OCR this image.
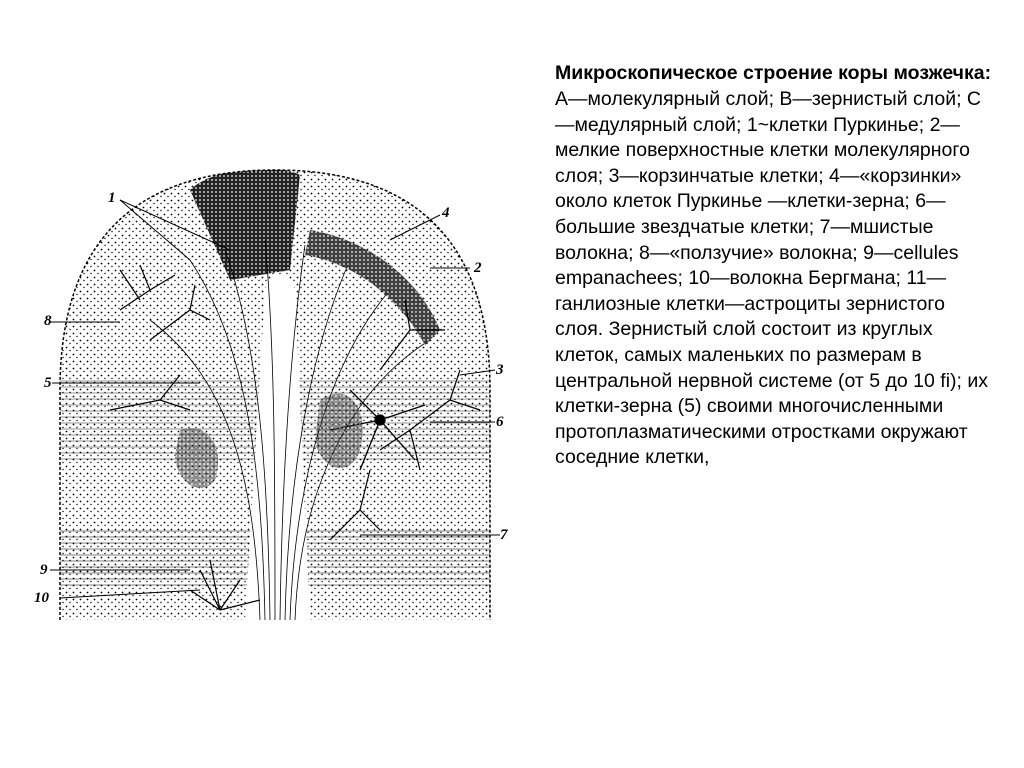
1
4
2
8
5
3
6
7
9
10

Микроскопическое строение коры мозжечка:

А—молекулярный слой; В—зернистый слой; С—медулярный слой; 1~клетки Пуркинье; 2—мелкие поверхностные клетки молекулярного слоя; 3—корзинчатые клетки; 4—«корзинки» около клеток Пуркинье —клетки-зерна; 6—большие звездчатые клетки; 7—мшистые волокна; 8—«ползучие» волокна; 9—cellules empanachees; 10—волокна Бергмана; 11—ганлиозные клетки—астроциты зернистого слоя. Зернистый слой состоит из круглых клеток, самых маленьких по размерам в центральной нервной системе (от 5 до 10 fi); их клетки-зерна (5) своими многочисленными протоплазматическими отростками окружают соседние клетки,
